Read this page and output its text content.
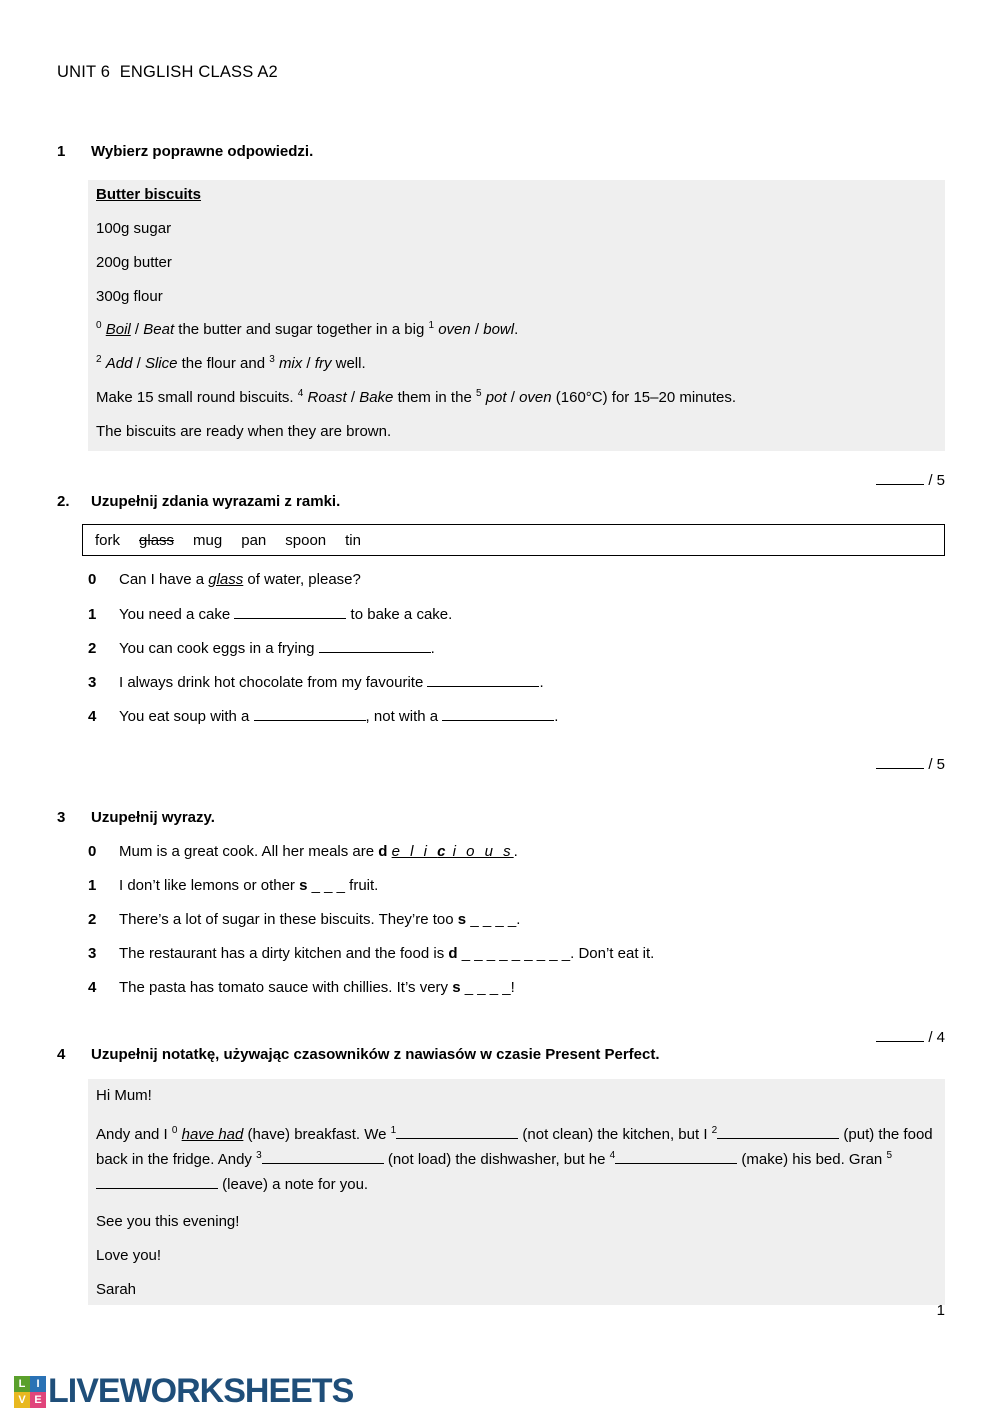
UNIT 6  ENGLISH CLASS A2
1	Wybierz poprawne odpowiedzi.
Butter biscuits
100g sugar
200g butter
300g flour
$^0$ Boil / Beat the butter and sugar together in a big $^1$ oven / bowl.
$^2$ Add / Slice the flour and $^3$ mix / fry well.
Make 15 small round biscuits. $^4$ Roast / Bake them in the $^5$ pot / oven (160°C) for 15–20 minutes.
The biscuits are ready when they are brown.

/ 5

2.	Uzupełnij zdania wyrazami z ramki.
fork glass mug pan spoon tin
0	Can I have a glass of water, please?
1	You need a cake	to bake a cake.
2	You can cook eggs in a frying	.
3	I always drink hot chocolate from my favourite	.
4	You eat soup with a	, not with a	.

/ 5

3	Uzupełnij wyrazy.
0	Mum is a great cook. All her meals are d e l i c i o u s.
1	I don’t like lemons or other s _ _ _ fruit.
2	There’s a lot of sugar in these biscuits. They’re too s _ _ _ _.
3	The restaurant has a dirty kitchen and the food is d _ _ _ _ _ _ _ _ _. Don’t eat it.
4	The pasta has tomato sauce with chillies. It’s very s _ _ _ _!

/ 4

4	Uzupełnij notatkę, używając czasowników z nawiasów w czasie Present Perfect.
Hi Mum!
Andy and I $^0$ have had (have) breakfast. We $^1$	(not clean) the kitchen, but I $^2$	(put) the food back in the fridge. Andy $^3$	(not load) the dishwasher, but he $^4$	(make) his bed. Gran $^5$ (leave) a note for you.
See you this evening!
Love you!
Sarah
1
L	I
V E LIVEWORKSHEETS
